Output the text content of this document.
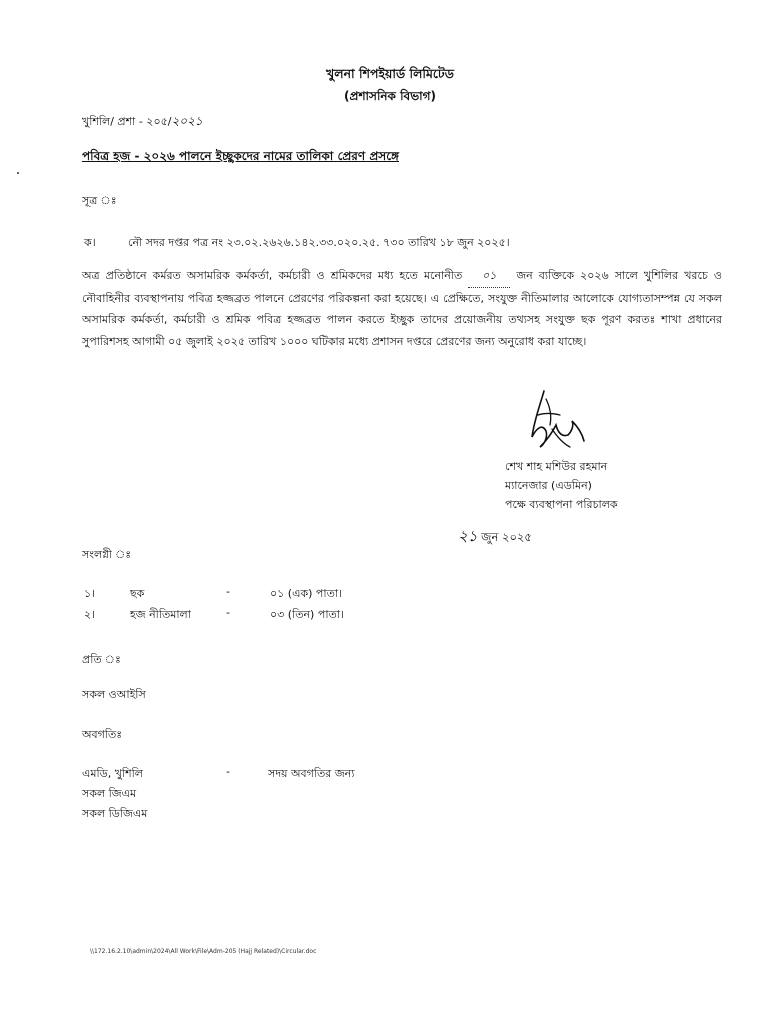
খুলনা শিপইয়ার্ড লিমিটেড
(প্রশাসনিক বিভাগ)
খুশিলি/ প্রশা - ২০৫/২০২১
পবিত্র হজ - ২০২৬ পালনে ইচ্ছুকদের নামের তালিকা প্রেরণ প্রসঙ্গে
সূত্র ঃ
ক।	নৌ সদর দপ্তর পত্র নং ২৩.০২.২৬২৬.১৪২.৩৩.০২০.২৫. ৭৩০ তারিখ ১৮ জুন ২০২৫।
অত্র প্রতিষ্ঠানে কর্মরত অসামরিক কর্মকর্তা, কর্মচারী ও শ্রমিকদের মধ্য হতে মনোনীত ০১ জন ব্যক্তিকে ২০২৬ সালে খুশিলির খরচে ও নৌবাহিনীর ব্যবস্থাপনায় পবিত্র হজ্জব্রত পালনে প্রেরণের পরিকল্পনা করা হয়েছে। এ প্রেক্ষিতে, সংযুক্ত নীতিমালার আলোকে যোগ্যতাসম্পন্ন যে সকল অসামরিক কর্মকর্তা, কর্মচারী ও শ্রমিক পবিত্র হজ্জব্রত পালন করতে ইচ্ছুক তাদের প্রয়োজনীয় তথ্যসহ সংযুক্ত ছক পূরণ করতঃ শাখা প্রধানের সুপারিশসহ আগামী ০৫ জুলাই ২০২৫ তারিখ ১০০০ ঘটিকার মধ্যে প্রশাসন দপ্তরে প্রেরণের জন্য অনুরোধ করা যাচ্ছে।
শেখ শাহ মশিউর রহমান
ম্যানেজার (এডমিন)
পক্ষে ব্যবস্থাপনা পরিচালক
২১ জুন ২০২৫
সংলগ্নী ঃ
১।	ছক	-	০১ (এক) পাতা।
২।	হজ নীতিমালা	-	০৩ (তিন) পাতা।
প্রতি ঃ
সকল ওআইসি
অবগতিঃ
এমডি, খুশিলি	-	সদয় অবগতির জন্য
সকল জিএম
সকল ডিজিএম
\\172.16.2.10\admin\2024\All Work\File\Adm-205 (Hajj Related)\Circular.doc
